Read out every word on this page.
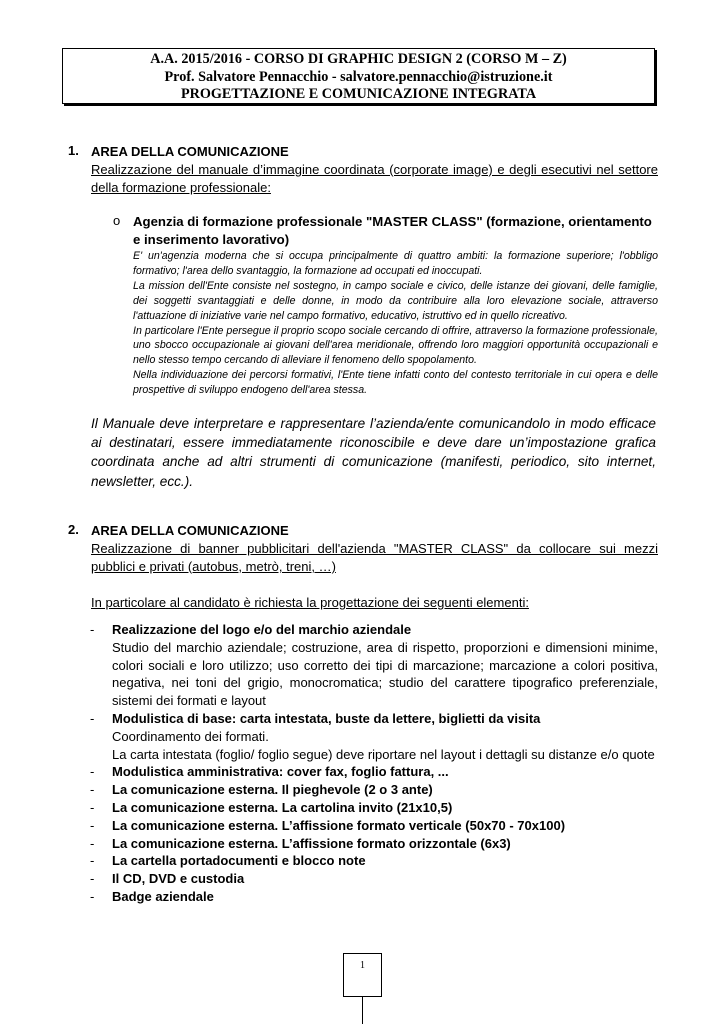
A.A. 2015/2016 - CORSO DI GRAPHIC DESIGN 2 (CORSO M – Z)
Prof. Salvatore Pennacchio - salvatore.pennacchio@istruzione.it
PROGETTAZIONE E COMUNICAZIONE INTEGRATA
1. AREA DELLA COMUNICAZIONE
Realizzazione del manuale d’immagine coordinata (corporate image) e degli esecutivi nel settore della formazione professionale:
o Agenzia di formazione professionale "MASTER CLASS" (formazione, orientamento e inserimento lavorativo)

E' un'agenzia moderna che si occupa principalmente di quattro ambiti: la formazione superiore; l'obbligo formativo; l'area dello svantaggio, la formazione ad occupati ed inoccupati.

La mission dell'Ente consiste nel sostegno, in campo sociale e civico, delle istanze dei giovani, delle famiglie, dei soggetti svantaggiati e delle donne, in modo da contribuire alla loro elevazione sociale, attraverso l'attuazione di iniziative varie nel campo formativo, educativo, istruttivo ed in quello ricreativo.

In particolare l'Ente persegue il proprio scopo sociale cercando di offrire, attraverso la formazione professionale, uno sbocco occupazionale ai giovani dell'area meridionale, offrendo loro maggiori opportunità occupazionali e nello stesso tempo cercando di alleviare il fenomeno dello spopolamento.

Nella individuazione dei percorsi formativi, l'Ente tiene infatti conto del contesto territoriale in cui opera e delle prospettive di sviluppo endogeno dell'area stessa.

Il Manuale deve interpretare e rappresentare l’azienda/ente comunicandolo in modo efficace ai destinatari, essere immediatamente riconoscibile e deve dare un’impostazione grafica coordinata anche ad altri strumenti di comunicazione (manifesti, periodico, sito internet, newsletter, ecc.).
2. AREA DELLA COMUNICAZIONE
Realizzazione di banner pubblicitari dell'azienda "MASTER CLASS" da collocare sui mezzi pubblici e privati (autobus, metrò, treni, …)
In particolare al candidato è richiesta la progettazione dei seguenti elementi:
- Realizzazione del logo e/o del marchio aziendale
Studio del marchio aziendale; costruzione, area di rispetto, proporzioni e dimensioni minime, colori sociali e loro utilizzo; uso corretto dei tipi di marcazione; marcazione a colori positiva, negativa, nei toni del grigio, monocromatica; studio del carattere tipografico preferenziale, sistemi dei formati e layout
- Modulistica di base: carta intestata, buste da lettere, biglietti da visita
Coordinamento dei formati.
La carta intestata (foglio/ foglio segue) deve riportare nel layout i dettagli su distanze e/o quote
- Modulistica amministrativa: cover fax, foglio fattura, ...
- La comunicazione esterna. Il pieghevole (2 o 3 ante)
- La comunicazione esterna. La cartolina invito (21x10,5)
- La comunicazione esterna. L’affissione formato verticale (50x70 - 70x100)
- La comunicazione esterna. L’affissione formato orizzontale (6x3)
- La cartella portadocumenti e blocco note
- Il CD, DVD e custodia
- Badge aziendale
1
